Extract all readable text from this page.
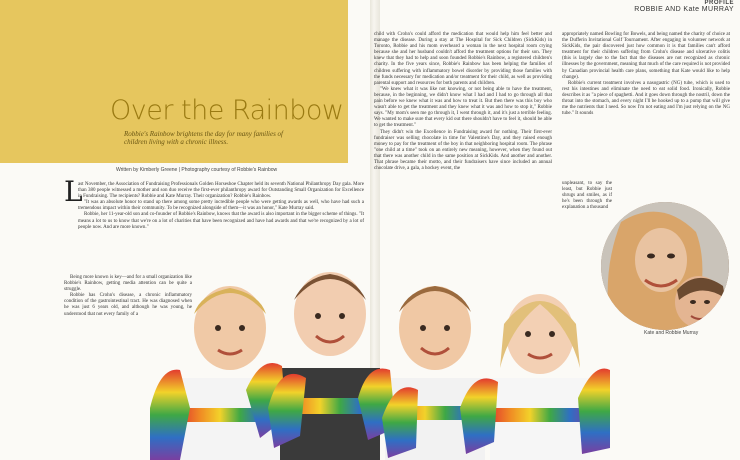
Over the Rainbow
Robbie's Rainbow brightens the day for many families of children living with a chronic illness.
Written by Kimberly Greene | Photography courtesy of Robbie's Rainbow
PROFILE
ROBBIE AND Kate MURRAY
L

ast November, the Association of Fundraising Professionals Golden Horseshoe Chapter held its seventh National Philanthropy Day gala. More than 380 people witnessed a mother and son duo receive the first-ever philanthropy award for Outstanding Small Organization for Excellence in Fundraising. The recipients? Robbie and Kate Murray. Their organization? Robbie's Rainbow.

"It was an absolute honor to stand up there among some pretty incredible people who were getting awards as well, who have had such a tremendous impact within their community. To be recognized alongside of them—it was an honor," Kate Murray said.

Robbie, her 11-year-old son and co-founder of Robbie's Rainbow, knows that the award is also important in the bigger scheme of things. "It means a lot to us to know that we're on a lot of charities that have been recognized and have had awards and that we're recognized by a lot of people now. And are more known."

Being more known is key—and for a small organization like Robbie's Rainbow, getting media attention can be quite a struggle.

Robbie has Crohn's disease, a chronic inflammatory condition of the gastrointestinal tract. He was diagnosed when he was just 6 years old, and although he was young, he understood that not every family of a

child with Crohn's could afford the medication that would help him feel better and manage the disease. During a stay at The Hospital for Sick Children (SickKids) in Toronto, Robbie and his mom overheard a woman in the next hospital room crying because she and her husband couldn't afford the treatment options for their son. They knew that they had to help and soon founded Robbie's Rainbow, a registered children's charity. In the five years since, Robbie's Rainbow has been helping the families of children suffering with inflammatory bowel disorder by providing those families with the funds necessary for medication and/or treatment for their child, as well as providing parental support and resources for both parents and children.

"We knew what it was like not knowing, or not being able to have the treatment, because, in the beginning, we didn't know what I had and I had to go through all that pain before we knew what it was and how to treat it. But then there was this boy who wasn't able to get the treatment and they knew what it was and how to stop it," Robbie says. "My mom's seen me go through it, I went through it, and it's just a terrible feeling. We wanted to make sure that every kid out there shouldn't have to feel it, should be able to get the treatment."

They didn't win the Excellence in Fundraising award for nothing. Their first-ever fundraiser was selling chocolate in time for Valentine's Day, and they raised enough money to pay for the treatment of the boy in that neighboring hospital room. The phrase "one child at a time" took on an entirely new meaning, however, when they found out that there was another child in the same position at SickKids. And another and another. That phrase became their motto, and their fundraisers have since included an annual chocolate drive, a gala, a hockey event, the

appropriately named Bowling for Bowels, and being named the charity of choice at the Dufferin Invitational Golf Tournament. After engaging in volunteer network at SickKids, the pair discovered just how common it is that families can't afford treatment for their children suffering from Crohn's disease and ulcerative colitis (this is largely due to the fact that the diseases are not recognized as chronic illnesses by the government, meaning that much of the care required is not provided by Canadian provincial health care plans, something that Kate would like to help change).

Robbie's current treatment involves a nasogastric (NG) tube, which is used to rest his intestines and eliminate the need to eat solid food. Ironically, Robbie describes it as "a piece of spaghetti. And it goes down through the nostril, down the throat into the stomach, and every night I'll be hooked up to a pump that will give me the nutrients that I need. So now I'm not eating and I'm just relying on the NG tube." It sounds

unpleasant, to say the least, but Robbie just shrugs and smiles, as if he's been through the explanation a thousand

Kate and Robbie Murray
